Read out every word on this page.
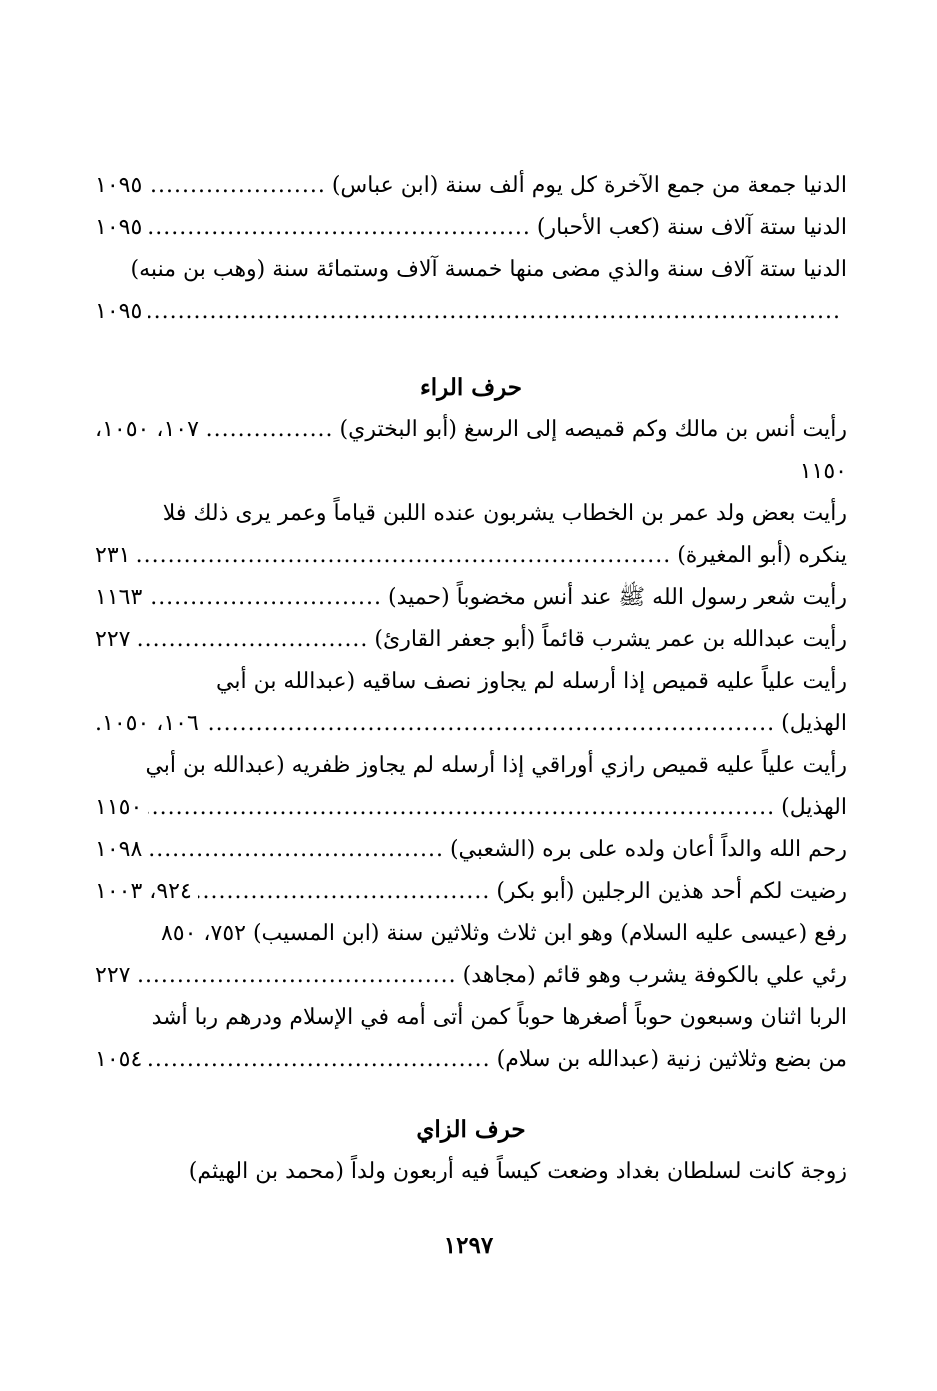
الدنيا جمعة من جمع الآخرة كل يوم ألف سنة (ابن عباس)
.....
١٠٩٥
الدنيا ستة آلاف سنة (كعب الأحبار)
.....
١٠٩٥
الدنيا ستة آلاف سنة والذي مضى منها خمسة آلاف وستمائة سنة (وهب بن منبه)
.....
١٠٩٥
حرف الراء
رأيت أنس بن مالك وكم قميصه إلى الرسغ (أبو البختري)
.....
١٠٧، ١٠٥٠،
١١٥٠
رأيت بعض ولد عمر بن الخطاب يشربون عنده اللبن قياماً وعمر يرى ذلك فلا
ينكره (أبو المغيرة)
.....
٢٣١
رأيت شعر رسول الله ﷺ عند أنس مخضوباً (حميد)
.....
١١٦٣
رأيت عبدالله بن عمر يشرب قائماً (أبو جعفر القارئ)
.....
٢٢٧
رأيت علياً عليه قميص إذا أرسله لم يجاوز نصف ساقيه (عبدالله بن أبي
الهذيل)
.....
١٠٦، ١٠٥٠.
رأيت علياً عليه قميص رازي أوراقي إذا أرسله لم يجاوز ظفريه (عبدالله بن أبي
الهذيل)
.....
١١٥٠
رحم الله والداً أعان ولده على بره (الشعبي)
.....
١٠٩٨
رضيت لكم أحد هذين الرجلين (أبو بكر)
.....
٩٢٤، ١٠٠٣
رفع (عيسى عليه السلام) وهو ابن ثلاث وثلاثين سنة (ابن المسيب) ٧٥٢، ٨٥٠
رئي علي بالكوفة يشرب وهو قائم (مجاهد)
.....
٢٢٧
الربا اثنان وسبعون حوباً أصغرها حوباً كمن أتى أمه في الإسلام ودرهم ربا أشد
من بضع وثلاثين زنية (عبدالله بن سلام)
.....
١٠٥٤
حرف الزاي
زوجة كانت لسلطان بغداد وضعت كيساً فيه أربعون ولداً (محمد بن الهيثم)
١٢٩٧
